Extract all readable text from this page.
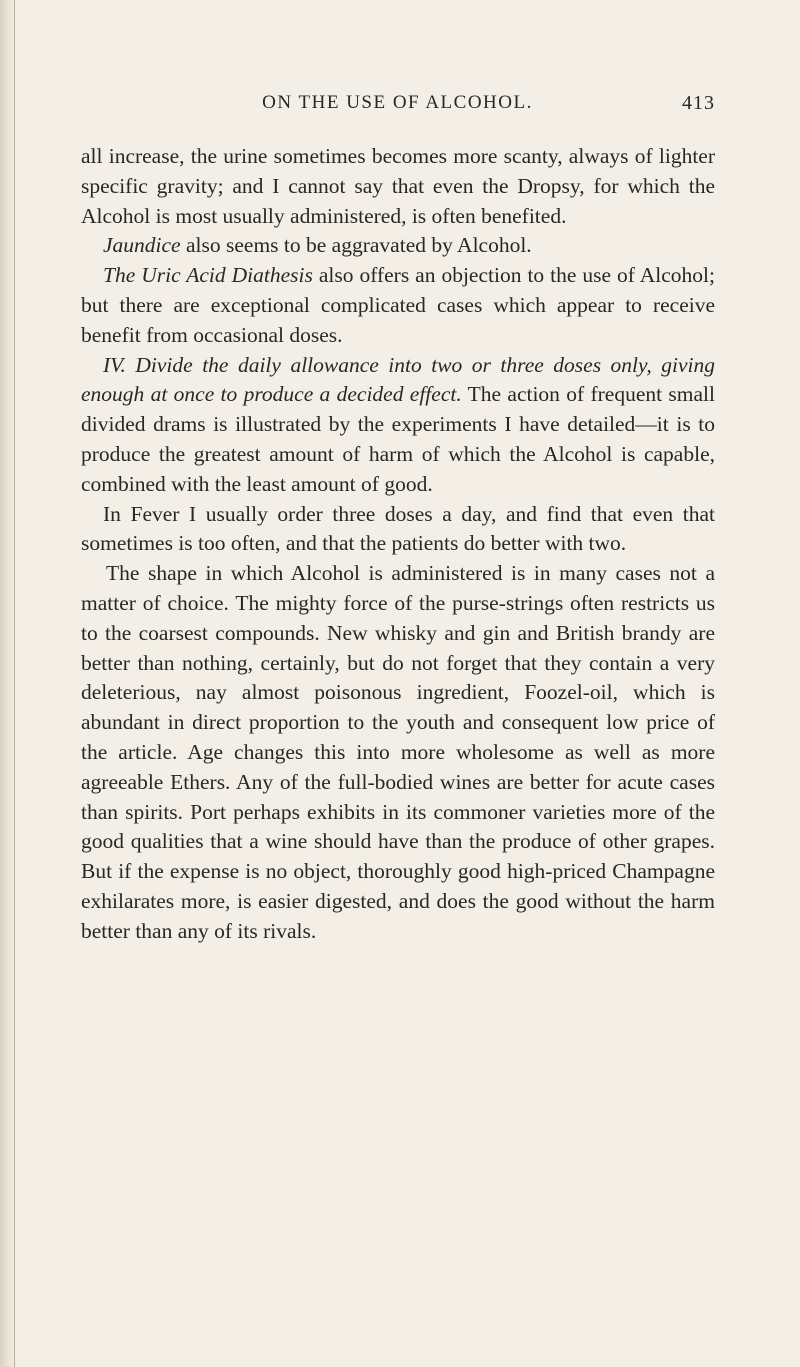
ON THE USE OF ALCOHOL.	413

all increase, the urine sometimes becomes more scanty, always of lighter specific gravity; and I cannot say that even the Dropsy, for which the Alcohol is most usually administered, is often benefited.

Jaundice also seems to be aggravated by Alcohol.

The Uric Acid Diathesis also offers an objection to the use of Alcohol; but there are exceptional complicated cases which appear to receive benefit from occasional doses.

IV. Divide the daily allowance into two or three doses only, giving enough at once to produce a decided effect. The action of frequent small divided drams is illustrated by the experiments I have detailed—it is to produce the greatest amount of harm of which the Alcohol is capable, combined with the least amount of good.

In Fever I usually order three doses a day, and find that even that sometimes is too often, and that the patients do better with two.

The shape in which Alcohol is administered is in many cases not a matter of choice. The mighty force of the purse-strings often restricts us to the coarsest compounds. New whisky and gin and British brandy are better than nothing, certainly, but do not forget that they contain a very deleterious, nay almost poisonous ingredient, Foozel-oil, which is abundant in direct proportion to the youth and consequent low price of the article. Age changes this into more wholesome as well as more agreeable Ethers. Any of the full-bodied wines are better for acute cases than spirits. Port perhaps exhibits in its commoner varieties more of the good qualities that a wine should have than the produce of other grapes. But if the expense is no object, thoroughly good high-priced Champagne exhilarates more, is easier digested, and does the good without the harm better than any of its rivals.
